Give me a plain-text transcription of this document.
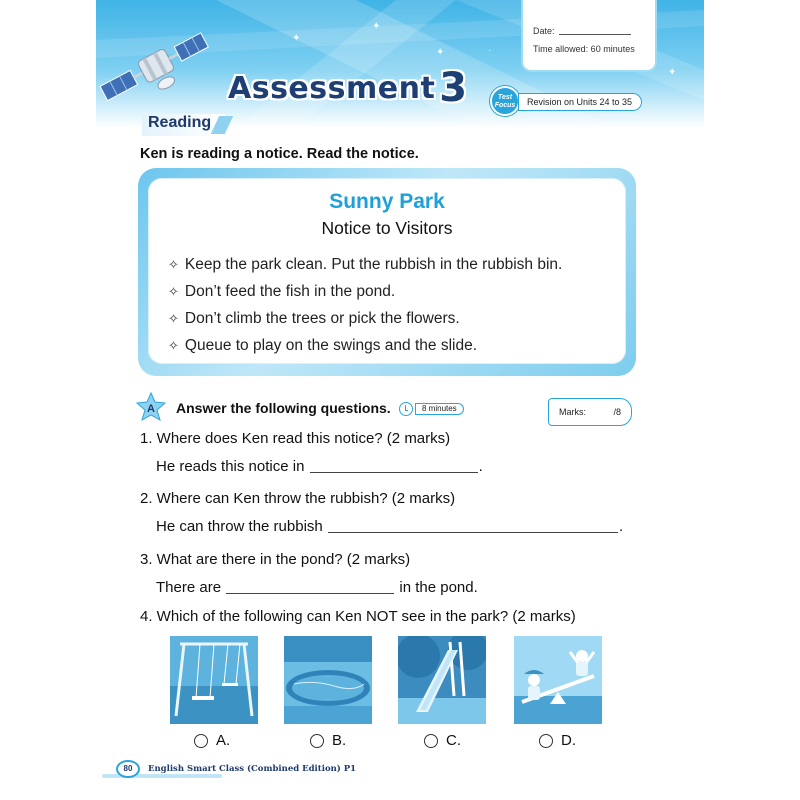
✦
✦	·
✦
✦
Assessment 3
Date:
Time allowed: 60 minutes
Test
Focus	Revision on Units 24 to 35
Reading
Ken is reading a notice. Read the notice.
Sunny Park
Notice to Visitors
✧ Keep the park clean. Put the rubbish in the rubbish bin.
✧ Don’t feed the fish in the pond.
✧ Don’t climb the trees or pick the flowers.
✧ Queue to play on the swings and the slide.
A Answer the following questions.	8 minutes	Marks:	/8
1. Where does Ken read this notice? (2 marks)
He reads this notice in	.
2. Where can Ken throw the rubbish? (2 marks)
He can throw the rubbish	.
3. What are there in the pond? (2 marks)
There are	in the pond.
4. Which of the following can Ken NOT see in the park? (2 marks)
A.	B.	C.	D.
80	English Smart Class (Combined Edition) P1
